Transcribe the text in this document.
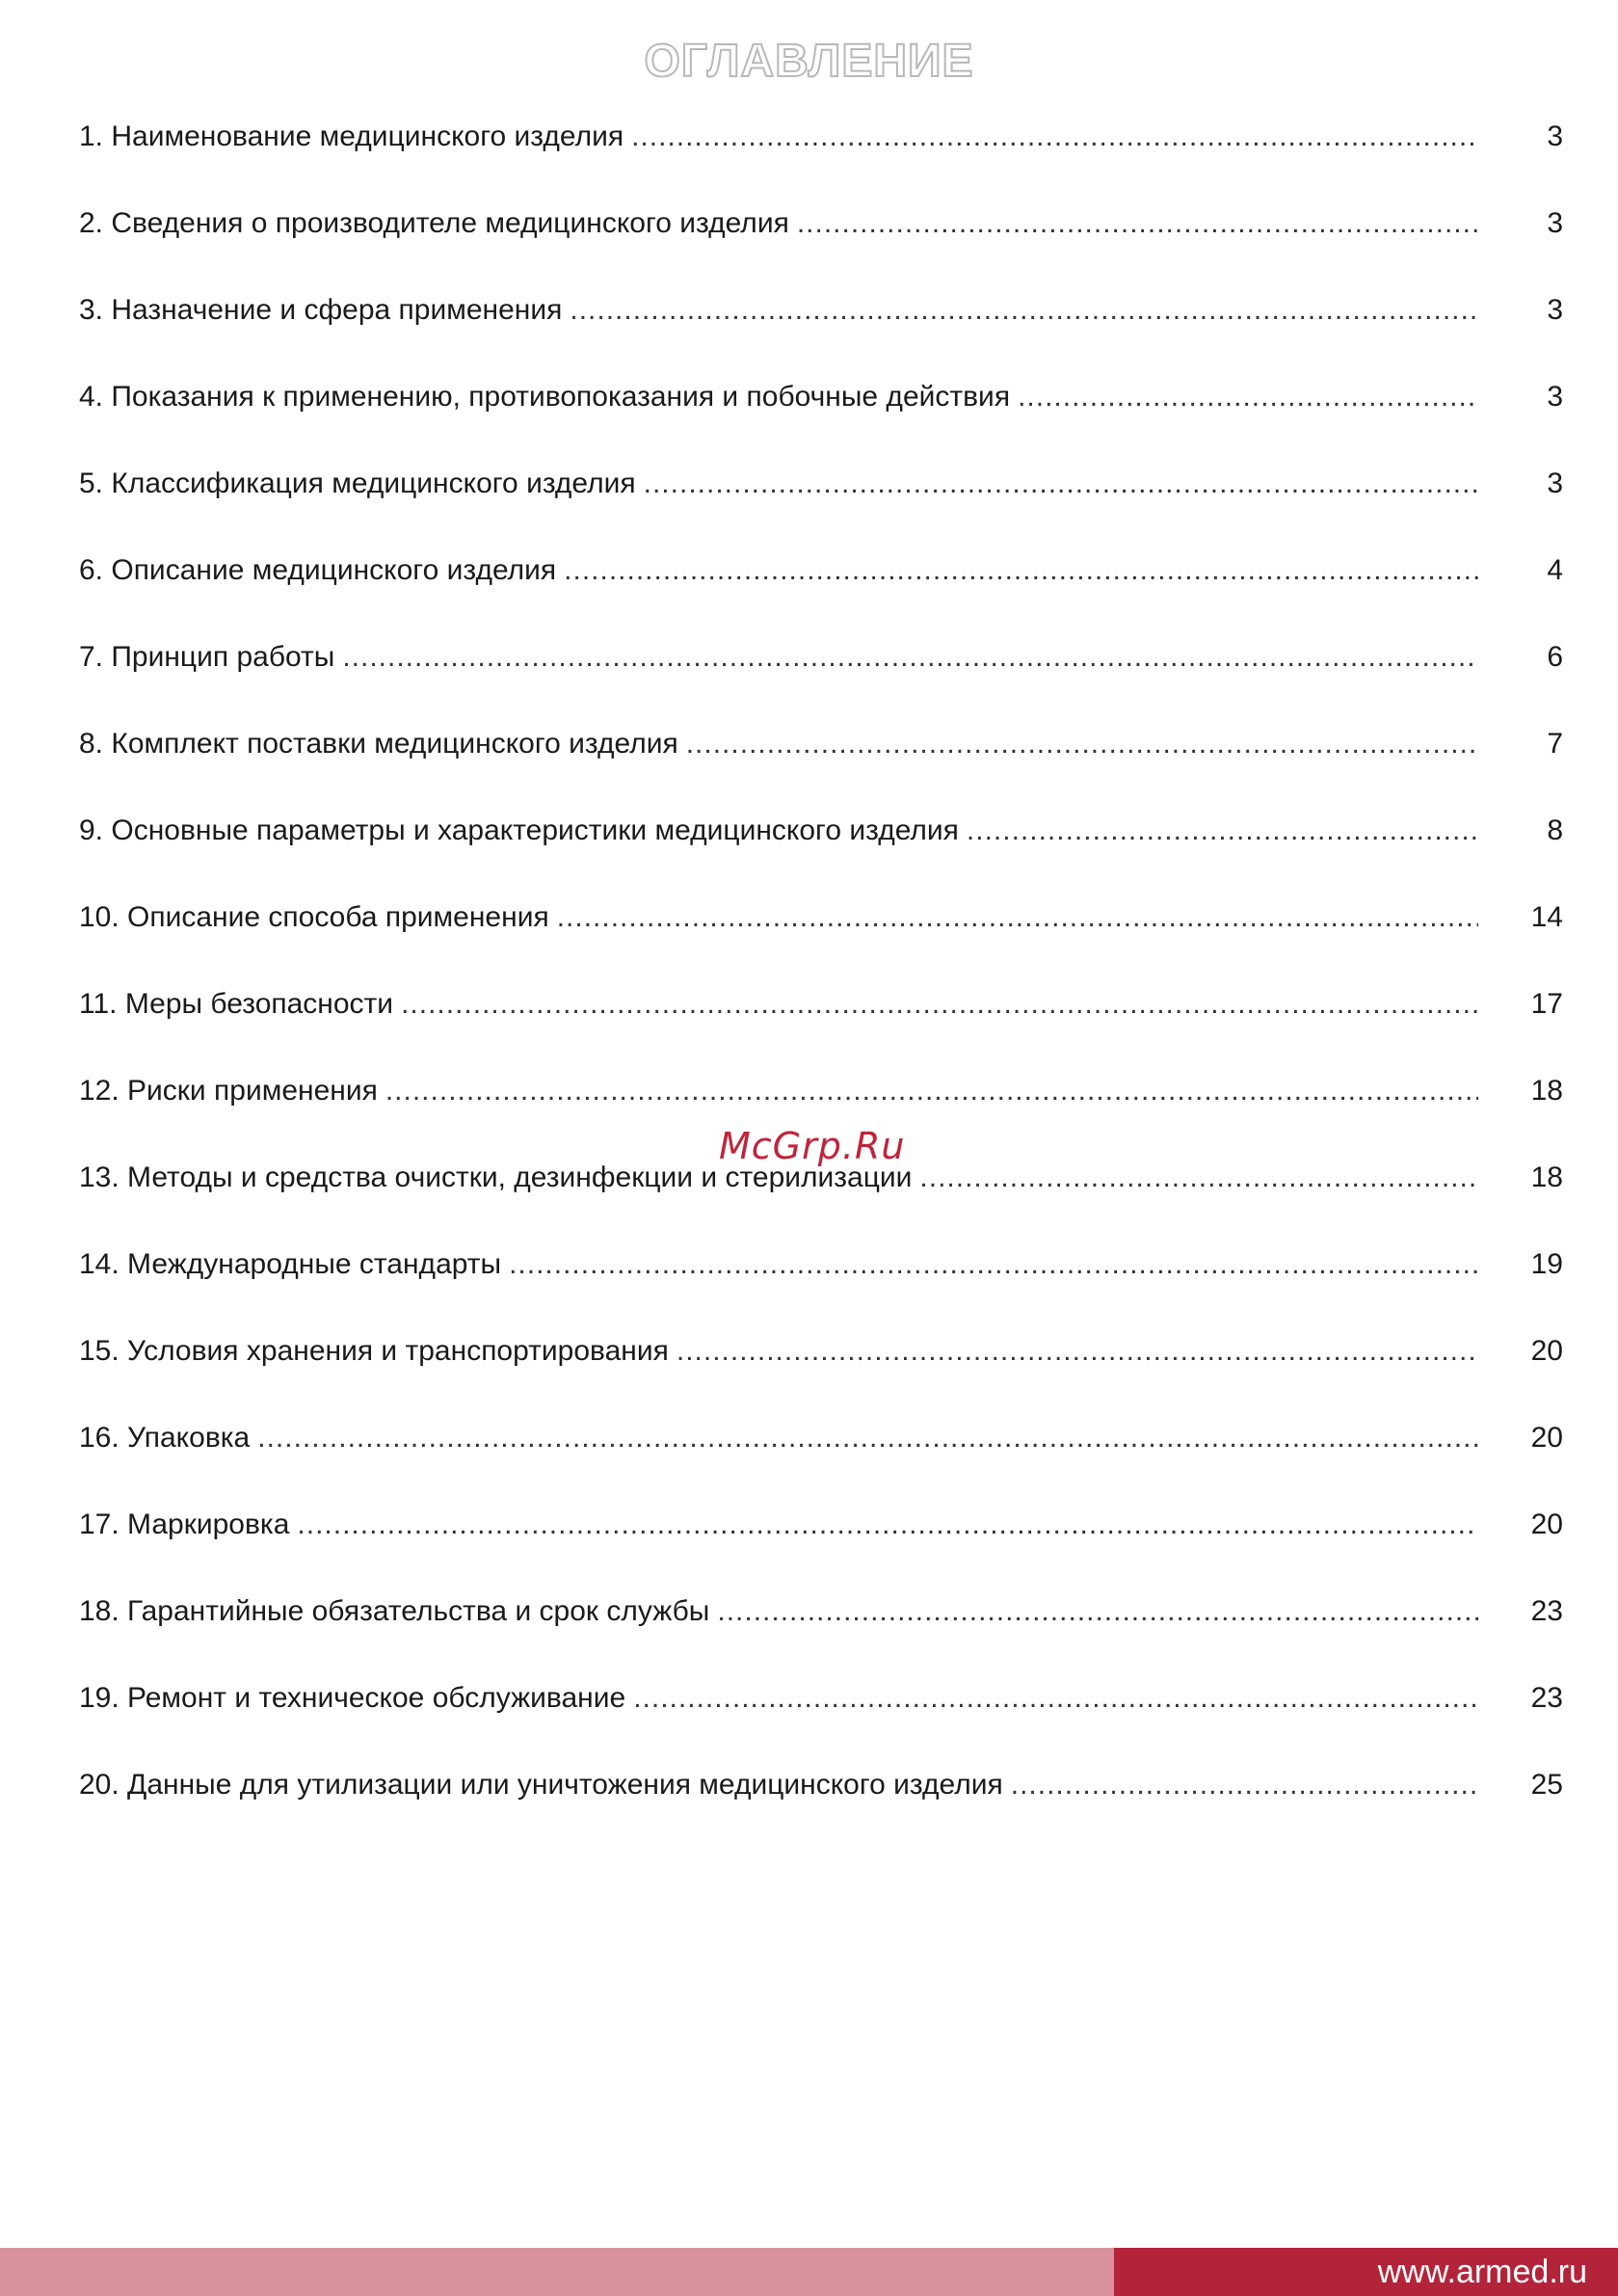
ОГЛАВЛЕНИЕ
1. Наименование медицинского изделия .....	3
2. Сведения о производителе медицинского изделия .....	3
3. Назначение и сфера применения .....	3
4. Показания к применению, противопоказания и побочные действия .....	3
5. Классификация медицинского изделия .....	3
6. Описание медицинского изделия .....	4
7. Принцип работы .....	6
8. Комплект поставки медицинского изделия .....	7
9. Основные параметры и характеристики медицинского изделия .....	8
10. Описание способа применения .....	14
11. Меры безопасности .....	17
12. Риски применения .....	18
13. Методы и средства очистки, дезинфекции и стерилизации .....	18
14. Международные стандарты .....	19
15. Условия хранения и транспортирования .....	20
16. Упаковка .....	20
17. Маркировка .....	20
18. Гарантийные обязательства и срок службы .....	23
19. Ремонт и техническое обслуживание .....	23
20. Данные для утилизации или уничтожения медицинского изделия .....	25
McGrp.Ru
www.armed.ru
